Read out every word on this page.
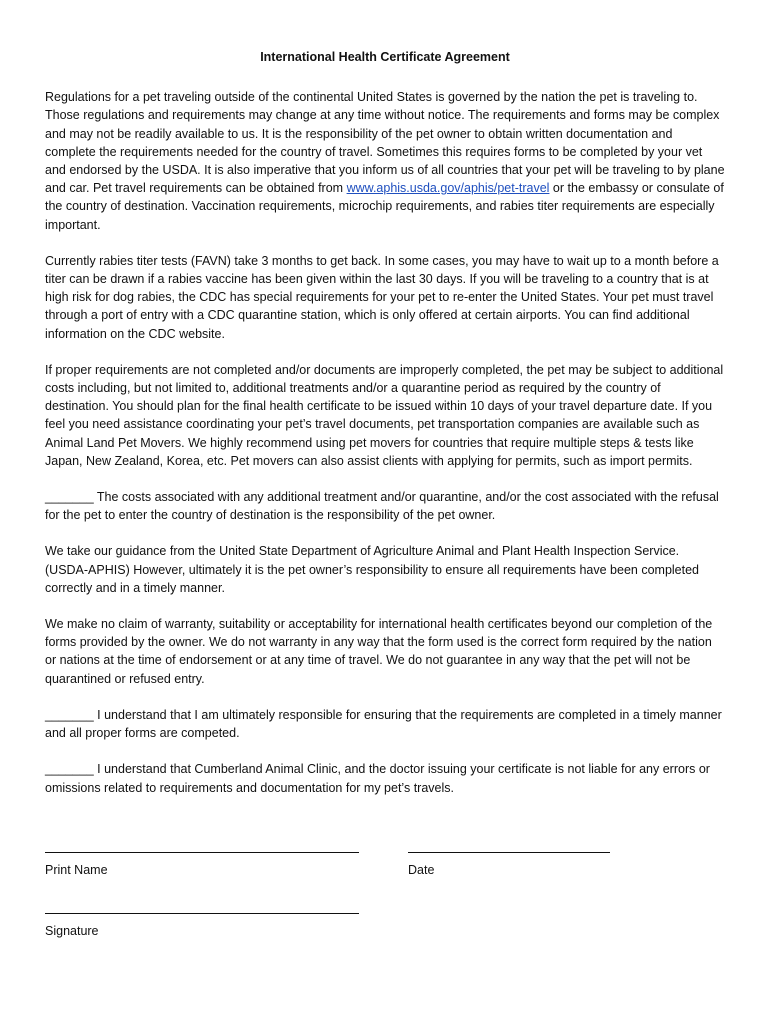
International Health Certificate Agreement

Regulations for a pet traveling outside of the continental United States is governed by the nation the pet is traveling to. Those regulations and requirements may change at any time without notice. The requirements and forms may be complex and may not be readily available to us. It is the responsibility of the pet owner to obtain written documentation and complete the requirements needed for the country of travel. Sometimes this requires forms to be completed by your vet and endorsed by the USDA. It is also imperative that you inform us of all countries that your pet will be traveling to by plane and car. Pet travel requirements can be obtained from www.aphis.usda.gov/aphis/pet-travel or the embassy or consulate of the country of destination. Vaccination requirements, microchip requirements, and rabies titer requirements are especially important.

Currently rabies titer tests (FAVN) take 3 months to get back. In some cases, you may have to wait up to a month before a titer can be drawn if a rabies vaccine has been given within the last 30 days. If you will be traveling to a country that is at high risk for dog rabies, the CDC has special requirements for your pet to re-enter the United States. Your pet must travel through a port of entry with a CDC quarantine station, which is only offered at certain airports. You can find additional information on the CDC website.

If proper requirements are not completed and/or documents are improperly completed, the pet may be subject to additional costs including, but not limited to, additional treatments and/or a quarantine period as required by the country of destination. You should plan for the final health certificate to be issued within 10 days of your travel departure date. If you feel you need assistance coordinating your pet’s travel documents, pet transportation companies are available such as Animal Land Pet Movers. We highly recommend using pet movers for countries that require multiple steps & tests like Japan, New Zealand, Korea, etc. Pet movers can also assist clients with applying for permits, such as import permits.

_______ The costs associated with any additional treatment and/or quarantine, and/or the cost associated with the refusal for the pet to enter the country of destination is the responsibility of the pet owner.

We take our guidance from the United State Department of Agriculture Animal and Plant Health Inspection Service. (USDA-APHIS) However, ultimately it is the pet owner’s responsibility to ensure all requirements have been completed correctly and in a timely manner.

We make no claim of warranty, suitability or acceptability for international health certificates beyond our completion of the forms provided by the owner. We do not warranty in any way that the form used is the correct form required by the nation or nations at the time of endorsement or at any time of travel. We do not guarantee in any way that the pet will not be quarantined or refused entry.

_______ I understand that I am ultimately responsible for ensuring that the requirements are completed in a timely manner and all proper forms are competed.

_______ I understand that Cumberland Animal Clinic, and the doctor issuing your certificate is not liable for any errors or omissions related to requirements and documentation for my pet’s travels.

Print Name	Date
Signature
